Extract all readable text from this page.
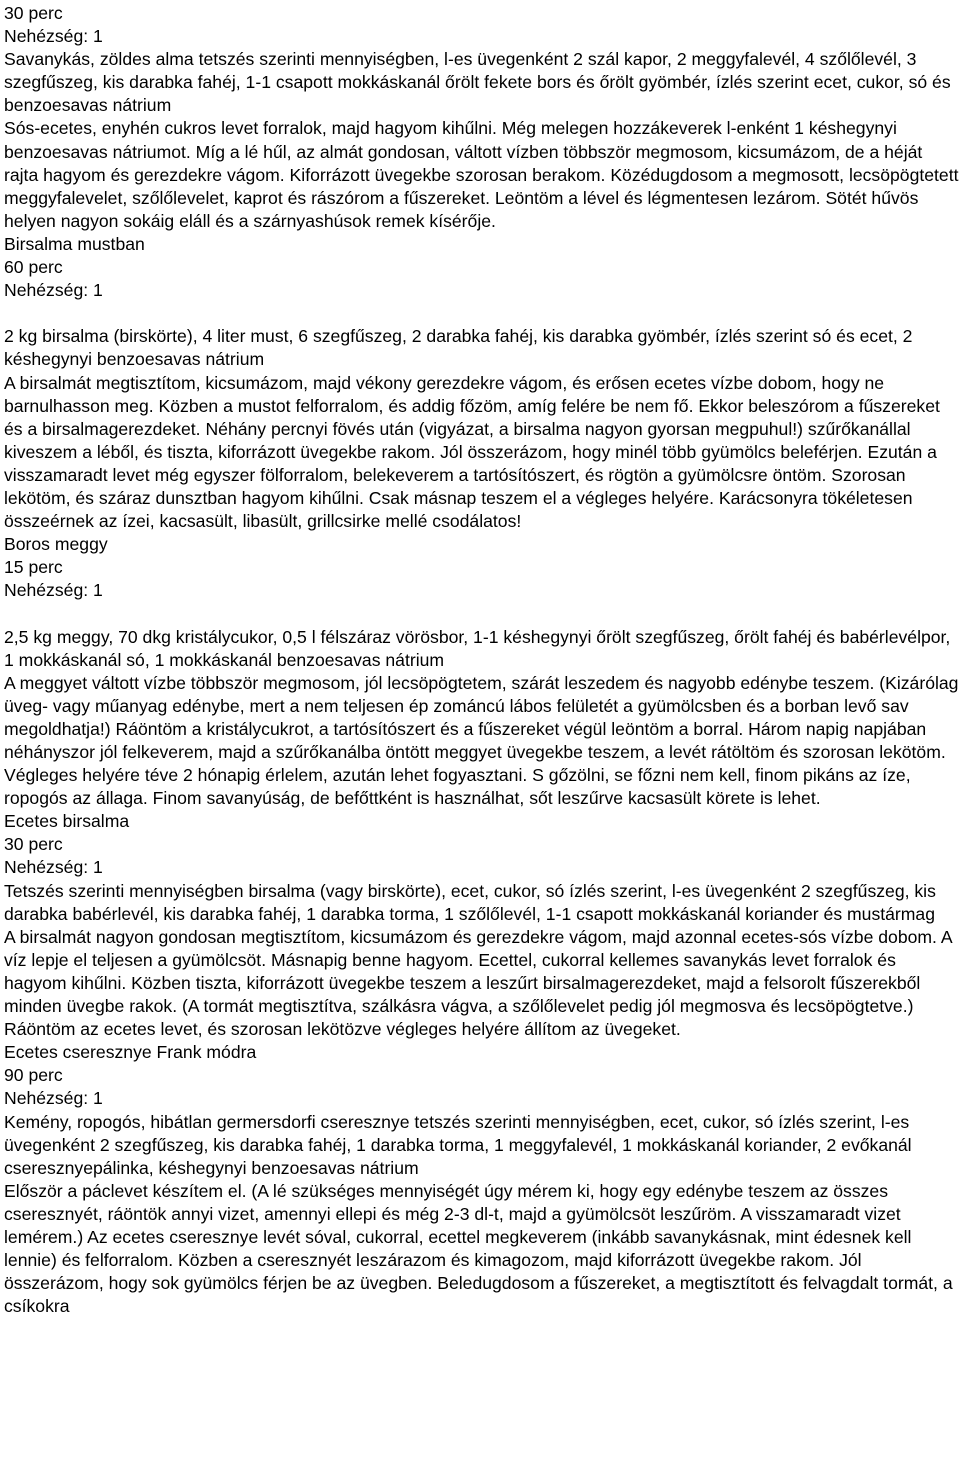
30 perc
Nehézség: 1
Savanykás, zöldes alma tetszés szerinti mennyiségben, l-es üvegenként 2 szál kapor, 2 meggyfalevél, 4 szőlőlevél, 3 szegfűszeg, kis darabka fahéj, 1-1 csapott mokkáskanál őrölt fekete bors és őrölt gyömbér, ízlés szerint ecet, cukor, só és benzoesavas nátrium
Sós-ecetes, enyhén cukros levet forralok, majd hagyom kihűlni. Még melegen hozzákeverek l-enként 1 késhegynyi benzoesavas nátriumot. Míg a lé hűl, az almát gondosan, váltott vízben többször megmosom, kicsumázom, de a héját rajta hagyom és gerezdekre vágom. Kiforrázott üvegekbe szorosan berakom. Közédugdosom a megmosott, lecsöpögtetett meggyfalevelet, szőlőlevelet, kaprot és rászórom a fűszereket. Leöntöm a lével és légmentesen lezárom. Sötét hűvös helyen nagyon sokáig eláll és a szárnyashúsok remek kísérője.
Birsalma mustban
60 perc
Nehézség: 1
2 kg birsalma (birskörte), 4 liter must, 6 szegfűszeg, 2 darabka fahéj, kis darabka gyömbér, ízlés szerint só és ecet, 2 késhegynyi benzoesavas nátrium
A birsalmát megtisztítom, kicsumázom, majd vékony gerezdekre vágom, és erősen ecetes vízbe dobom, hogy ne barnulhasson meg. Közben a mustot felforralom, és addig főzöm, amíg felére be nem fő. Ekkor beleszórom a fűszereket és a birsalmagerezdeket. Néhány percnyi fövés után (vigyázat, a birsalma nagyon gyorsan megpuhul!) szűrőkanállal kiveszem a léből, és tiszta, kiforrázott üvegekbe rakom. Jól összerázom, hogy minél több gyümölcs beleférjen. Ezután a visszamaradt levet még egyszer fölforralom, belekeverem a tartósítószert, és rögtön a gyümölcsre öntöm. Szorosan lekötöm, és száraz dunsztban hagyom kihűlni. Csak másnap teszem el a végleges helyére. Karácsonyra tökéletesen összeérnek az ízei, kacsasült, libasült, grillcsirke mellé csodálatos!
Boros meggy
15 perc
Nehézség: 1
2,5 kg meggy, 70 dkg kristálycukor, 0,5 l félszáraz vörösbor, 1-1 késhegynyi őrölt szegfűszeg, őrölt fahéj és babérlevélpor, 1 mokkáskanál só, 1 mokkáskanál benzoesavas nátrium
A meggyet váltott vízbe többször megmosom, jól lecsöpögtetem, szárát leszedem és nagyobb edénybe teszem. (Kizárólag üveg- vagy műanyag edénybe, mert a nem teljesen ép zománcú lábos felületét a gyümölcsben és a borban levő sav megoldhatja!) Ráöntöm a kristálycukrot, a tartósítószert és a fűszereket végül leöntöm a borral. Három napig napjában néhányszor jól felkeverem, majd a szűrőkanálba öntött meggyet üvegekbe teszem, a levét rátöltöm és szorosan lekötöm. Végleges helyére téve 2 hónapig érlelem, azután lehet fogyasztani. S gőzölni, se főzni nem kell, finom pikáns az íze, ropogós az állaga. Finom savanyúság, de befőttként is használhat, sőt leszűrve kacsasült körete is lehet.
Ecetes birsalma
30 perc
Nehézség: 1
Tetszés szerinti mennyiségben birsalma (vagy birskörte), ecet, cukor, só ízlés szerint, l-es üvegenként 2 szegfűszeg, kis darabka babérlevél, kis darabka fahéj, 1 darabka torma, 1 szőlőlevél, 1-1 csapott mokkáskanál koriander és mustármag
A birsalmát nagyon gondosan megtisztítom, kicsumázom és gerezdekre vágom, majd azonnal ecetes-sós vízbe dobom. A víz lepje el teljesen a gyümölcsöt. Másnapig benne hagyom. Ecettel, cukorral kellemes savanykás levet forralok és hagyom kihűlni. Közben tiszta, kiforrázott üvegekbe teszem a leszűrt birsalmagerezdeket, majd a felsorolt fűszerekből minden üvegbe rakok. (A tormát megtisztítva, szálkásra vágva, a szőlőlevelet pedig jól megmosva és lecsöpögtetve.) Ráöntöm az ecetes levet, és szorosan lekötözve végleges helyére állítom az üvegeket.
Ecetes cseresznye Frank módra
90 perc
Nehézség: 1
Kemény, ropogós, hibátlan germersdorfi cseresznye tetszés szerinti mennyiségben, ecet, cukor, só ízlés szerint, l-es üvegenként 2 szegfűszeg, kis darabka fahéj, 1 darabka torma, 1 meggyfalevél, 1 mokkáskanál koriander, 2 evőkanál cseresznyepálinka, késhegynyi benzoesavas nátrium
Először a páclevet készítem el. (A lé szükséges mennyiségét úgy mérem ki, hogy egy edénybe teszem az összes cseresznyét, ráöntök annyi vizet, amennyi ellepi és még 2-3 dl-t, majd a gyümölcsöt leszűröm. A visszamaradt vizet lemérem.) Az ecetes cseresznye levét sóval, cukorral, ecettel megkeverem (inkább savanykásnak, mint édesnek kell lennie) és felforralom. Közben a cseresznyét leszárazom és kimagozom, majd kiforrázott üvegekbe rakom. Jól összerázom, hogy sok gyümölcs férjen be az üvegben. Beledugdosom a fűszereket, a megtisztított és felvagdalt tormát, a csíkokra
